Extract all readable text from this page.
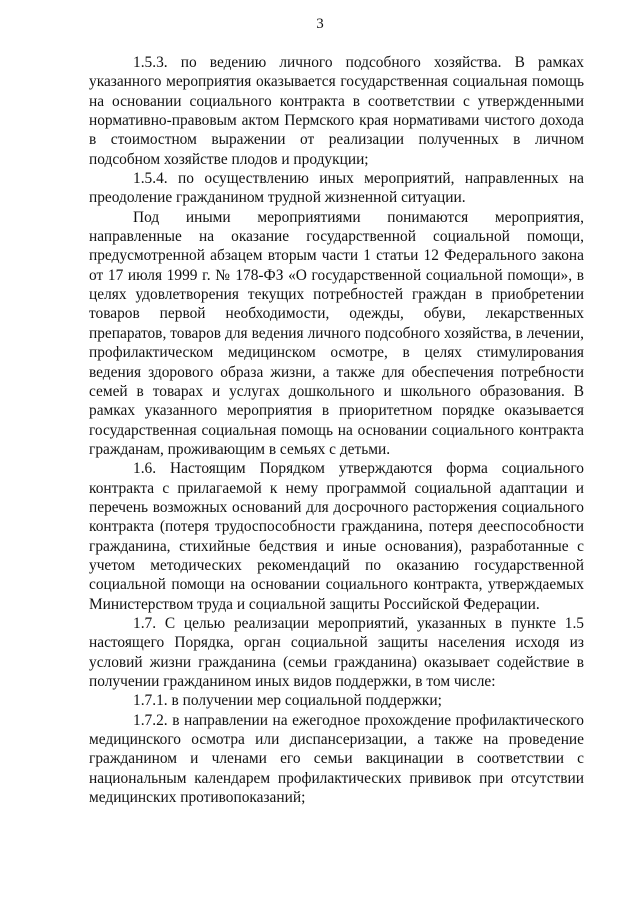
3

1.5.3. по ведению личного подсобного хозяйства. В рамках указанного мероприятия оказывается государственная социальная помощь на основании социального контракта в соответствии с утвержденными нормативно-правовым актом Пермского края нормативами чистого дохода в стоимостном выражении от реализации полученных в личном подсобном хозяйстве плодов и продукции;

1.5.4. по осуществлению иных мероприятий, направленных на преодоление гражданином трудной жизненной ситуации.

Под иными мероприятиями понимаются мероприятия, направленные на оказание государственной социальной помощи, предусмотренной абзацем вторым части 1 статьи 12 Федерального закона от 17 июля 1999 г. № 178-ФЗ «О государственной социальной помощи», в целях удовлетворения текущих потребностей граждан в приобретении товаров первой необходимости, одежды, обуви, лекарственных препаратов, товаров для ведения личного подсобного хозяйства, в лечении, профилактическом медицинском осмотре, в целях стимулирования ведения здорового образа жизни, а также для обеспечения потребности семей в товарах и услугах дошкольного и школьного образования. В рамках указанного мероприятия в приоритетном порядке оказывается государственная социальная помощь на основании социального контракта гражданам, проживающим в семьях с детьми.

1.6. Настоящим Порядком утверждаются форма социального контракта с прилагаемой к нему программой социальной адаптации и перечень возможных оснований для досрочного расторжения социального контракта (потеря трудоспособности гражданина, потеря дееспособности гражданина, стихийные бедствия и иные основания), разработанные с учетом методических рекомендаций по оказанию государственной социальной помощи на основании социального контракта, утверждаемых Министерством труда и социальной защиты Российской Федерации.

1.7. С целью реализации мероприятий, указанных в пункте 1.5 настоящего Порядка, орган социальной защиты населения исходя из условий жизни гражданина (семьи гражданина) оказывает содействие в получении гражданином иных видов поддержки, в том числе:

1.7.1. в получении мер социальной поддержки;

1.7.2. в направлении на ежегодное прохождение профилактического медицинского осмотра или диспансеризации, а также на проведение гражданином и членами его семьи вакцинации в соответствии с национальным календарем профилактических прививок при отсутствии медицинских противопоказаний;
